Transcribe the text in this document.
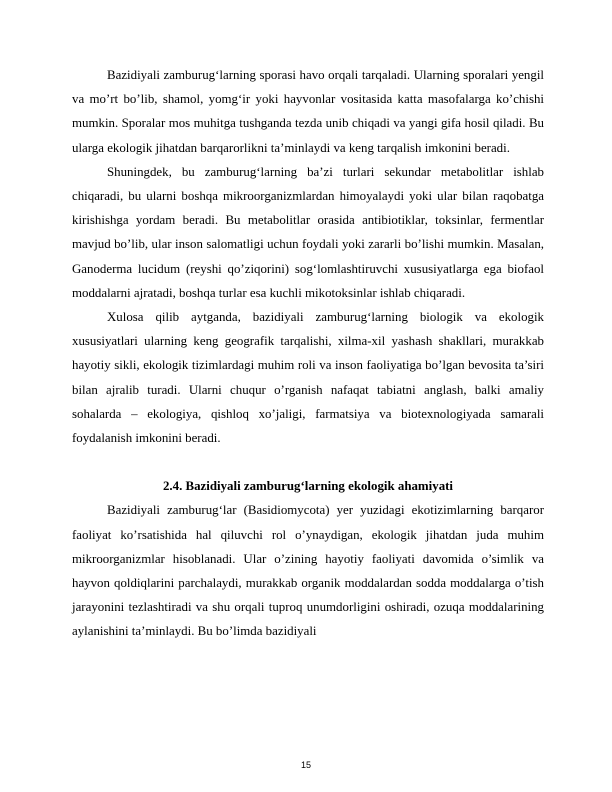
Bazidiyali zamburugʻlarning sporasi havo orqali tarqaladi. Ularning sporalari yengil va mo’rt bo’lib, shamol, yomgʻir yoki hayvonlar vositasida katta masofalarga ko’chishi mumkin. Sporalar mos muhitga tushganda tezda unib chiqadi va yangi gifa hosil qiladi. Bu ularga ekologik jihatdan barqarorlikni ta’minlaydi va keng tarqalish imkonini beradi.

Shuningdek, bu zamburugʻlarning ba’zi turlari sekundar metabolitlar ishlab chiqaradi, bu ularni boshqa mikroorganizmlardan himoyalaydi yoki ular bilan raqobatga kirishishga yordam beradi. Bu metabolitlar orasida antibiotiklar, toksinlar, fermentlar mavjud bo’lib, ular inson salomatligi uchun foydali yoki zararli bo’lishi mumkin. Masalan, Ganoderma lucidum (reyshi qo’ziqorini) sogʻlomlashtiruvchi xususiyatlarga ega biofaol moddalarni ajratadi, boshqa turlar esa kuchli mikotoksinlar ishlab chiqaradi.

Xulosa qilib aytganda, bazidiyali zamburugʻlarning biologik va ekologik xususiyatlari ularning keng geografik tarqalishi, xilma-xil yashash shakllari, murakkab hayotiy sikli, ekologik tizimlardagi muhim roli va inson faoliyatiga bo’lgan bevosita ta’siri bilan ajralib turadi. Ularni chuqur o’rganish nafaqat tabiatni anglash, balki amaliy sohalarda – ekologiya, qishloq xo’jaligi, farmatsiya va biotexnologiyada samarali foydalanish imkonini beradi.

2.4. Bazidiyali zamburugʻlarning ekologik ahamiyati

Bazidiyali zamburugʻlar (Basidiomycota) yer yuzidagi ekotizimlarning barqaror faoliyat ko’rsatishida hal qiluvchi rol o’ynaydigan, ekologik jihatdan juda muhim mikroorganizmlar hisoblanadi. Ular o’zining hayotiy faoliyati davomida o’simlik va hayvon qoldiqlarini parchalaydi, murakkab organik moddalardan sodda moddalarga o’tish jarayonini tezlashtiradi va shu orqali tuproq unumdorligini oshiradi, ozuqa moddalarining aylanishini ta’minlaydi. Bu bo’limda bazidiyali

15
